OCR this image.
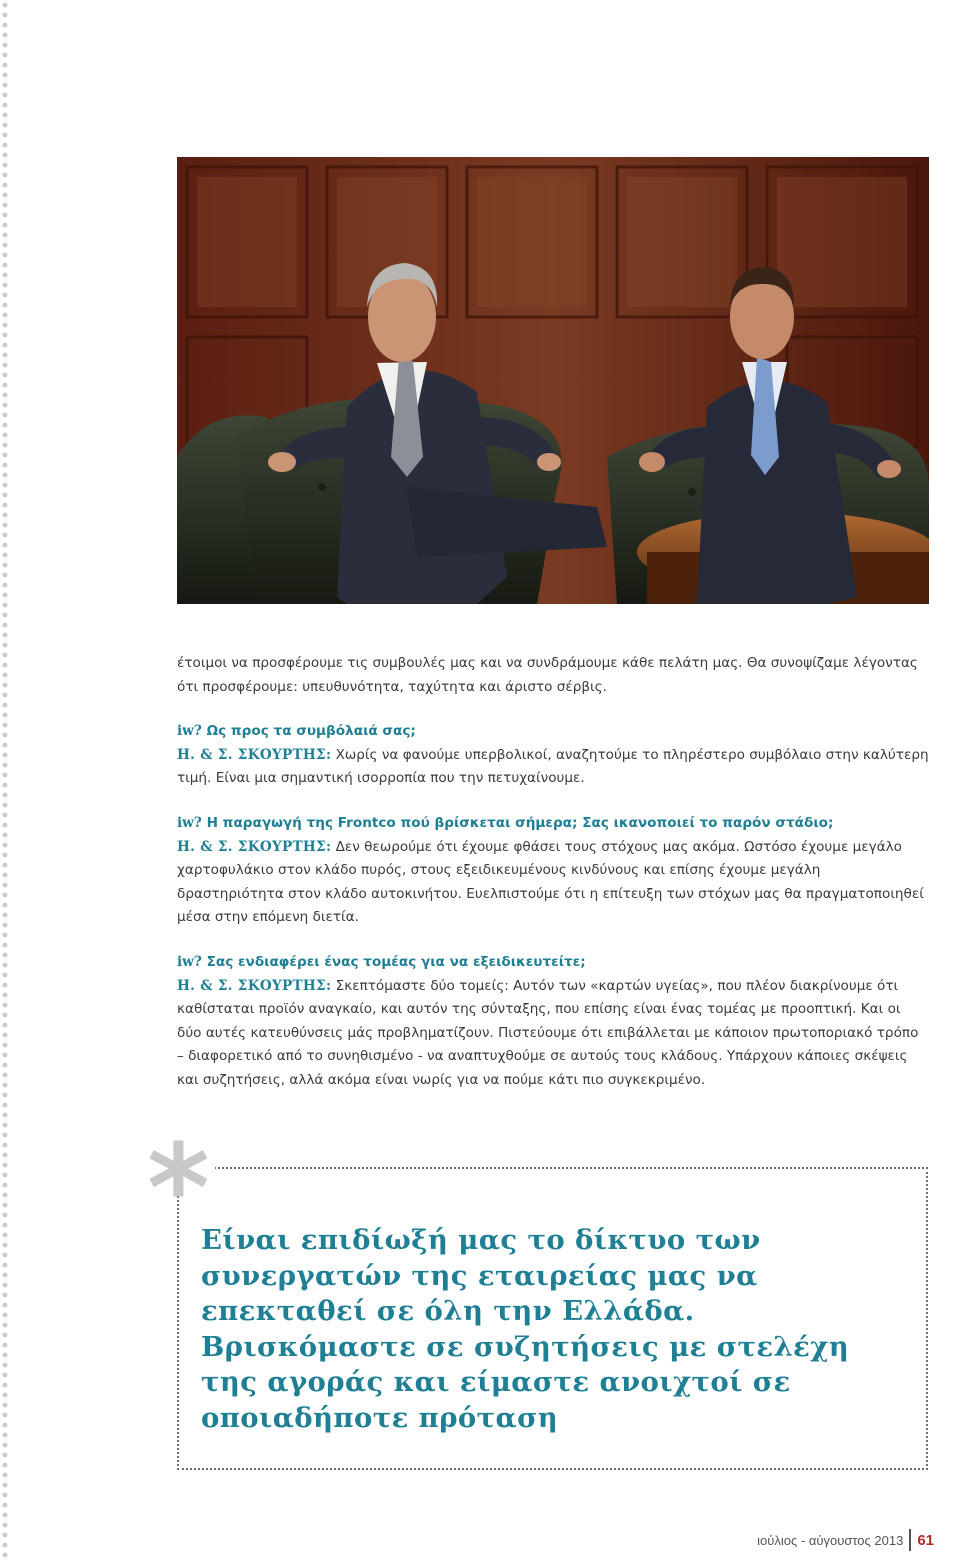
έτοιμοι να προσφέρουμε τις συμβουλές μας και να συνδράμουμε κάθε πελάτη μας. Θα συνοψίζαμε λέγοντας ότι προσφέρουμε: υπευθυνότητα, ταχύτητα και άριστο σέρβις.

iw? Ως προς τα συμβόλαιά σας;

Η. & Σ. ΣΚΟΥΡΤΗΣ: Χωρίς να φανούμε υπερβολικοί, αναζητούμε το πληρέστερο συμβόλαιο στην καλύτερη τιμή. Είναι μια σημαντική ισορροπία που την πετυχαίνουμε.

iw? Η παραγωγή της Frontco πού βρίσκεται σήμερα; Σας ικανοποιεί το παρόν στάδιο;

Η. & Σ. ΣΚΟΥΡΤΗΣ: Δεν θεωρούμε ότι έχουμε φθάσει τους στόχους μας ακόμα. Ωστόσο έχουμε μεγάλο χαρτοφυλάκιο στον κλάδο πυρός, στους εξειδικευμένους κινδύνους και επίσης έχουμε μεγάλη δραστηριότητα στον κλάδο αυτοκινήτου. Ευελπιστούμε ότι η επίτευξη των στόχων μας θα πραγματοποιηθεί μέσα στην επόμενη διετία.

iw? Σας ενδιαφέρει ένας τομέας για να εξειδικευτείτε;

Η. & Σ. ΣΚΟΥΡΤΗΣ: Σκεπτόμαστε δύο τομείς: Αυτόν των «καρτών υγείας», που πλέον διακρίνουμε ότι καθίσταται προϊόν αναγκαίο, και αυτόν της σύνταξης, που επίσης είναι ένας τομέας με προοπτική. Και οι δύο αυτές κατευθύνσεις μάς προβληματίζουν. Πιστεύουμε ότι επιβάλλεται με κάποιον πρωτοποριακό τρόπο – διαφορετικό από το συνηθισμένο - να αναπτυχθούμε σε αυτούς τους κλάδους. Υπάρχουν κάποιες σκέψεις και συζητήσεις, αλλά ακόμα είναι νωρίς για να πούμε κάτι πιο συγκεκριμένο.

Είναι επιδίωξή μας το δίκτυο των συνεργατών της εταιρείας μας να επεκταθεί σε όλη την Ελλάδα. Βρισκόμαστε σε συζητήσεις με στελέχη της αγοράς και είμαστε ανοιχτοί σε οποιαδήποτε πρόταση
*
ιούλιος - αύγουστος 2013 61
